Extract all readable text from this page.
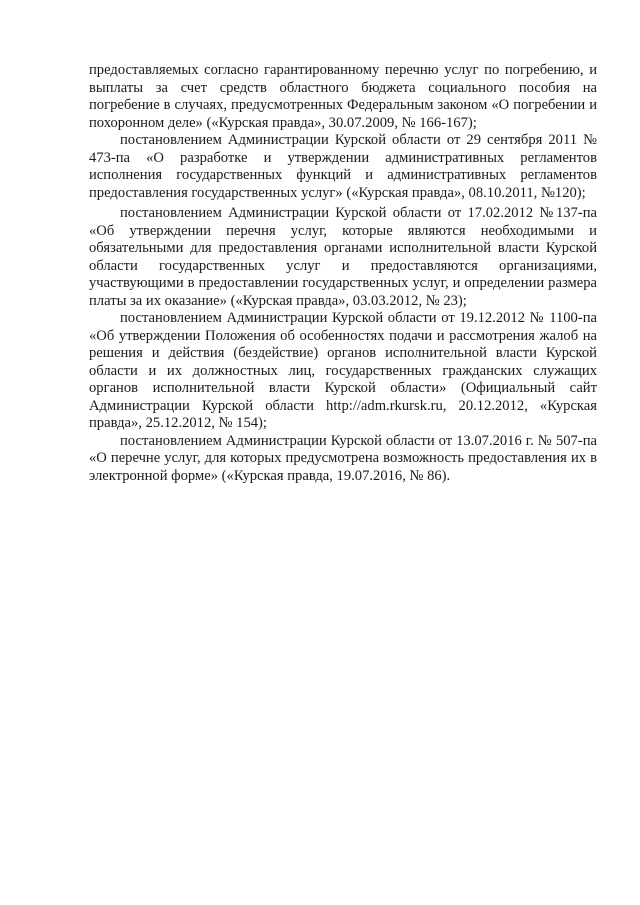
предоставляемых согласно гарантированному перечню услуг по погребению, и выплаты за счет средств областного бюджета социального пособия на погребение в случаях, предусмотренных Федеральным законом «О погребении и похоронном деле» («Курская правда», 30.07.2009, № 166-167);

постановлением Администрации Курской области от 29 сентября 2011 № 473-па «О разработке и утверждении административных регламентов исполнения государственных функций и административных регламентов предоставления государственных услуг» («Курская правда», 08.10.2011, №120);

постановлением Администрации Курской области от 17.02.2012 №137-па «Об утверждении перечня услуг, которые являются необходимыми и обязательными для предоставления органами исполнительной власти Курской области государственных услуг и предоставляются организациями, участвующими в предоставлении государственных услуг, и определении размера платы за их оказание» («Курская правда», 03.03.2012, № 23);

постановлением Администрации Курской области от 19.12.2012 № 1100-па «Об утверждении Положения об особенностях подачи и рассмотрения жалоб на решения и действия (бездействие) органов исполнительной власти Курской области и их должностных лиц, государственных гражданских служащих органов исполнительной власти Курской области» (Официальный сайт Администрации Курской области http://adm.rkursk.ru, 20.12.2012, «Курская правда», 25.12.2012, № 154);

постановлением Администрации Курской области от 13.07.2016 г. № 507-па «О перечне услуг, для которых предусмотрена возможность предоставления их в электронной форме» («Курская правда, 19.07.2016, № 86).
